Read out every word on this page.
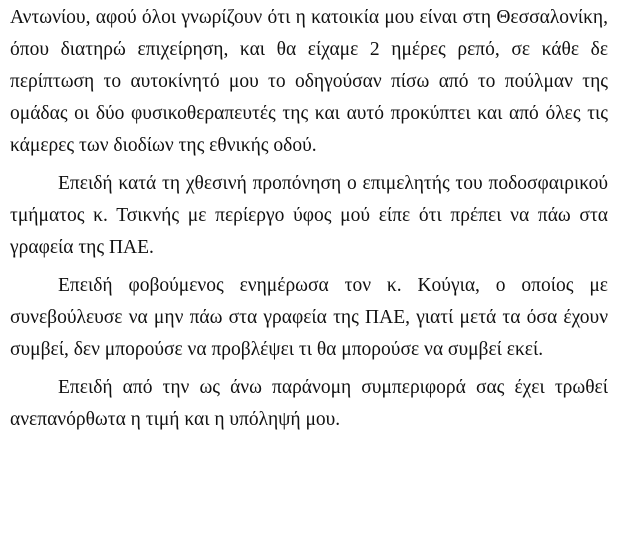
Αντωνίου, αφού όλοι γνωρίζουν ότι η κατοικία μου είναι στη Θεσσαλονίκη, όπου διατηρώ επιχείρηση, και θα είχαμε 2 ημέρες ρεπό, σε κάθε δε περίπτωση το αυτοκίνητό μου το οδηγούσαν πίσω από το πούλμαν της ομάδας οι δύο φυσικοθεραπευτές της και αυτό προκύπτει και από όλες τις κάμερες των διοδίων της εθνικής οδού.
Επειδή κατά τη χθεσινή προπόνηση ο επιμελητής του ποδοσφαιρικού τμήματος κ. Τσικνής με περίεργο ύφος μού είπε ότι πρέπει να πάω στα γραφεία της ΠΑΕ.
Επειδή φοβούμενος ενημέρωσα τον κ. Κούγια, ο οποίος με συνεβούλευσε να μην πάω στα γραφεία της ΠΑΕ, γιατί μετά τα όσα έχουν συμβεί, δεν μπορούσε να προβλέψει τι θα μπορούσε να συμβεί εκεί.
Επειδή από την ως άνω παράνομη συμπεριφορά σας έχει τρωθεί ανεπανόρθωτα η τιμή και η υπόληψή μου.
